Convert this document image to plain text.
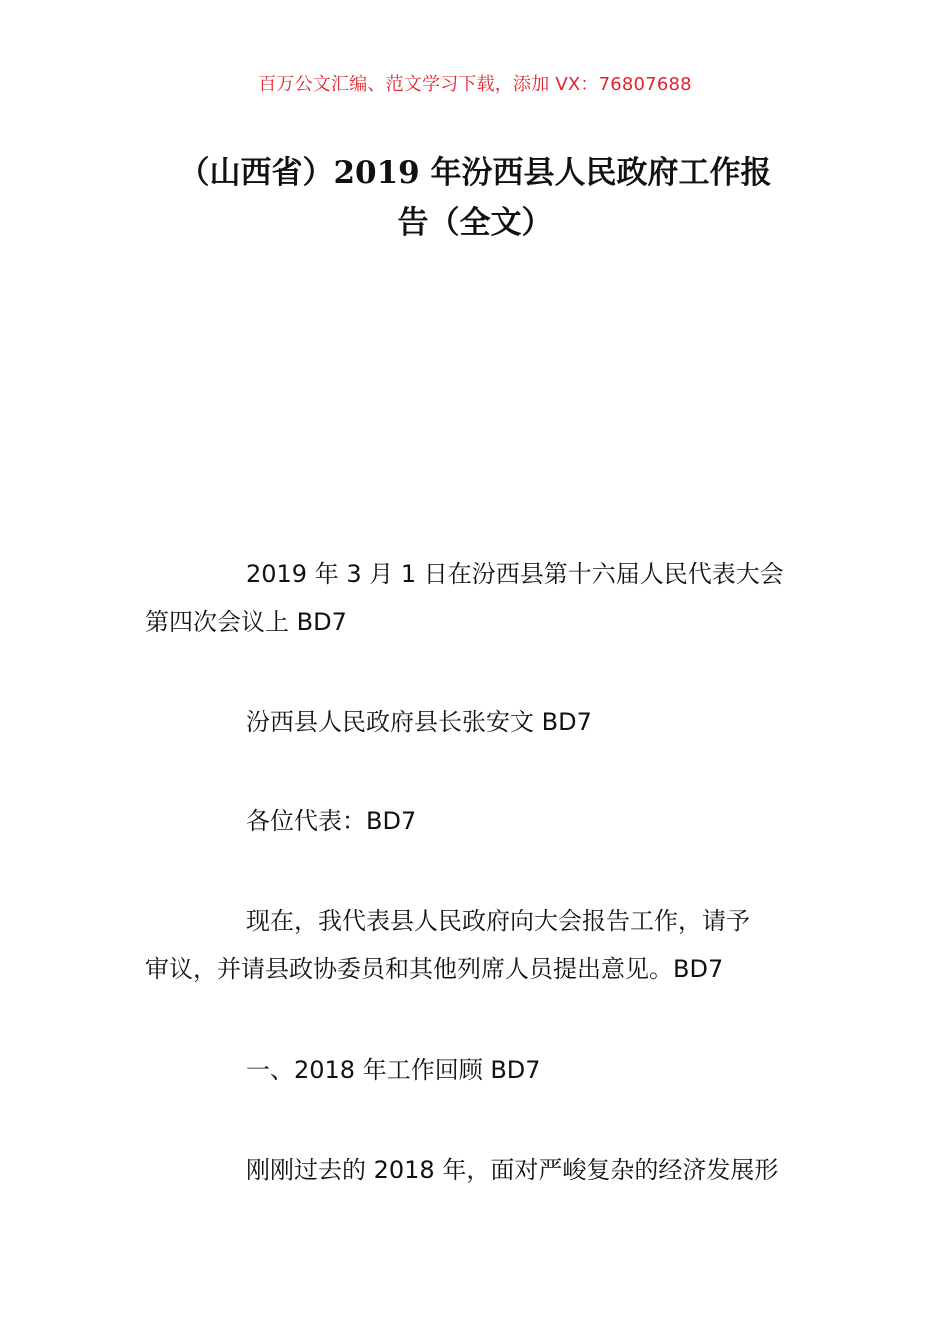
百万公文汇编、范文学习下载，添加 VX：76807688
（山西省）2019 年汾西县人民政府工作报
告（全文）

2019 年 3 月 1 日在汾西县第十六届人民代表大会
第四次会议上 BD7

汾西县人民政府县长张安文 BD7

各位代表：BD7

现在，我代表县人民政府向大会报告工作，请予
审议，并请县政协委员和其他列席人员提出意见。BD7

一、2018 年工作回顾 BD7

刚刚过去的 2018 年，面对严峻复杂的经济发展形
